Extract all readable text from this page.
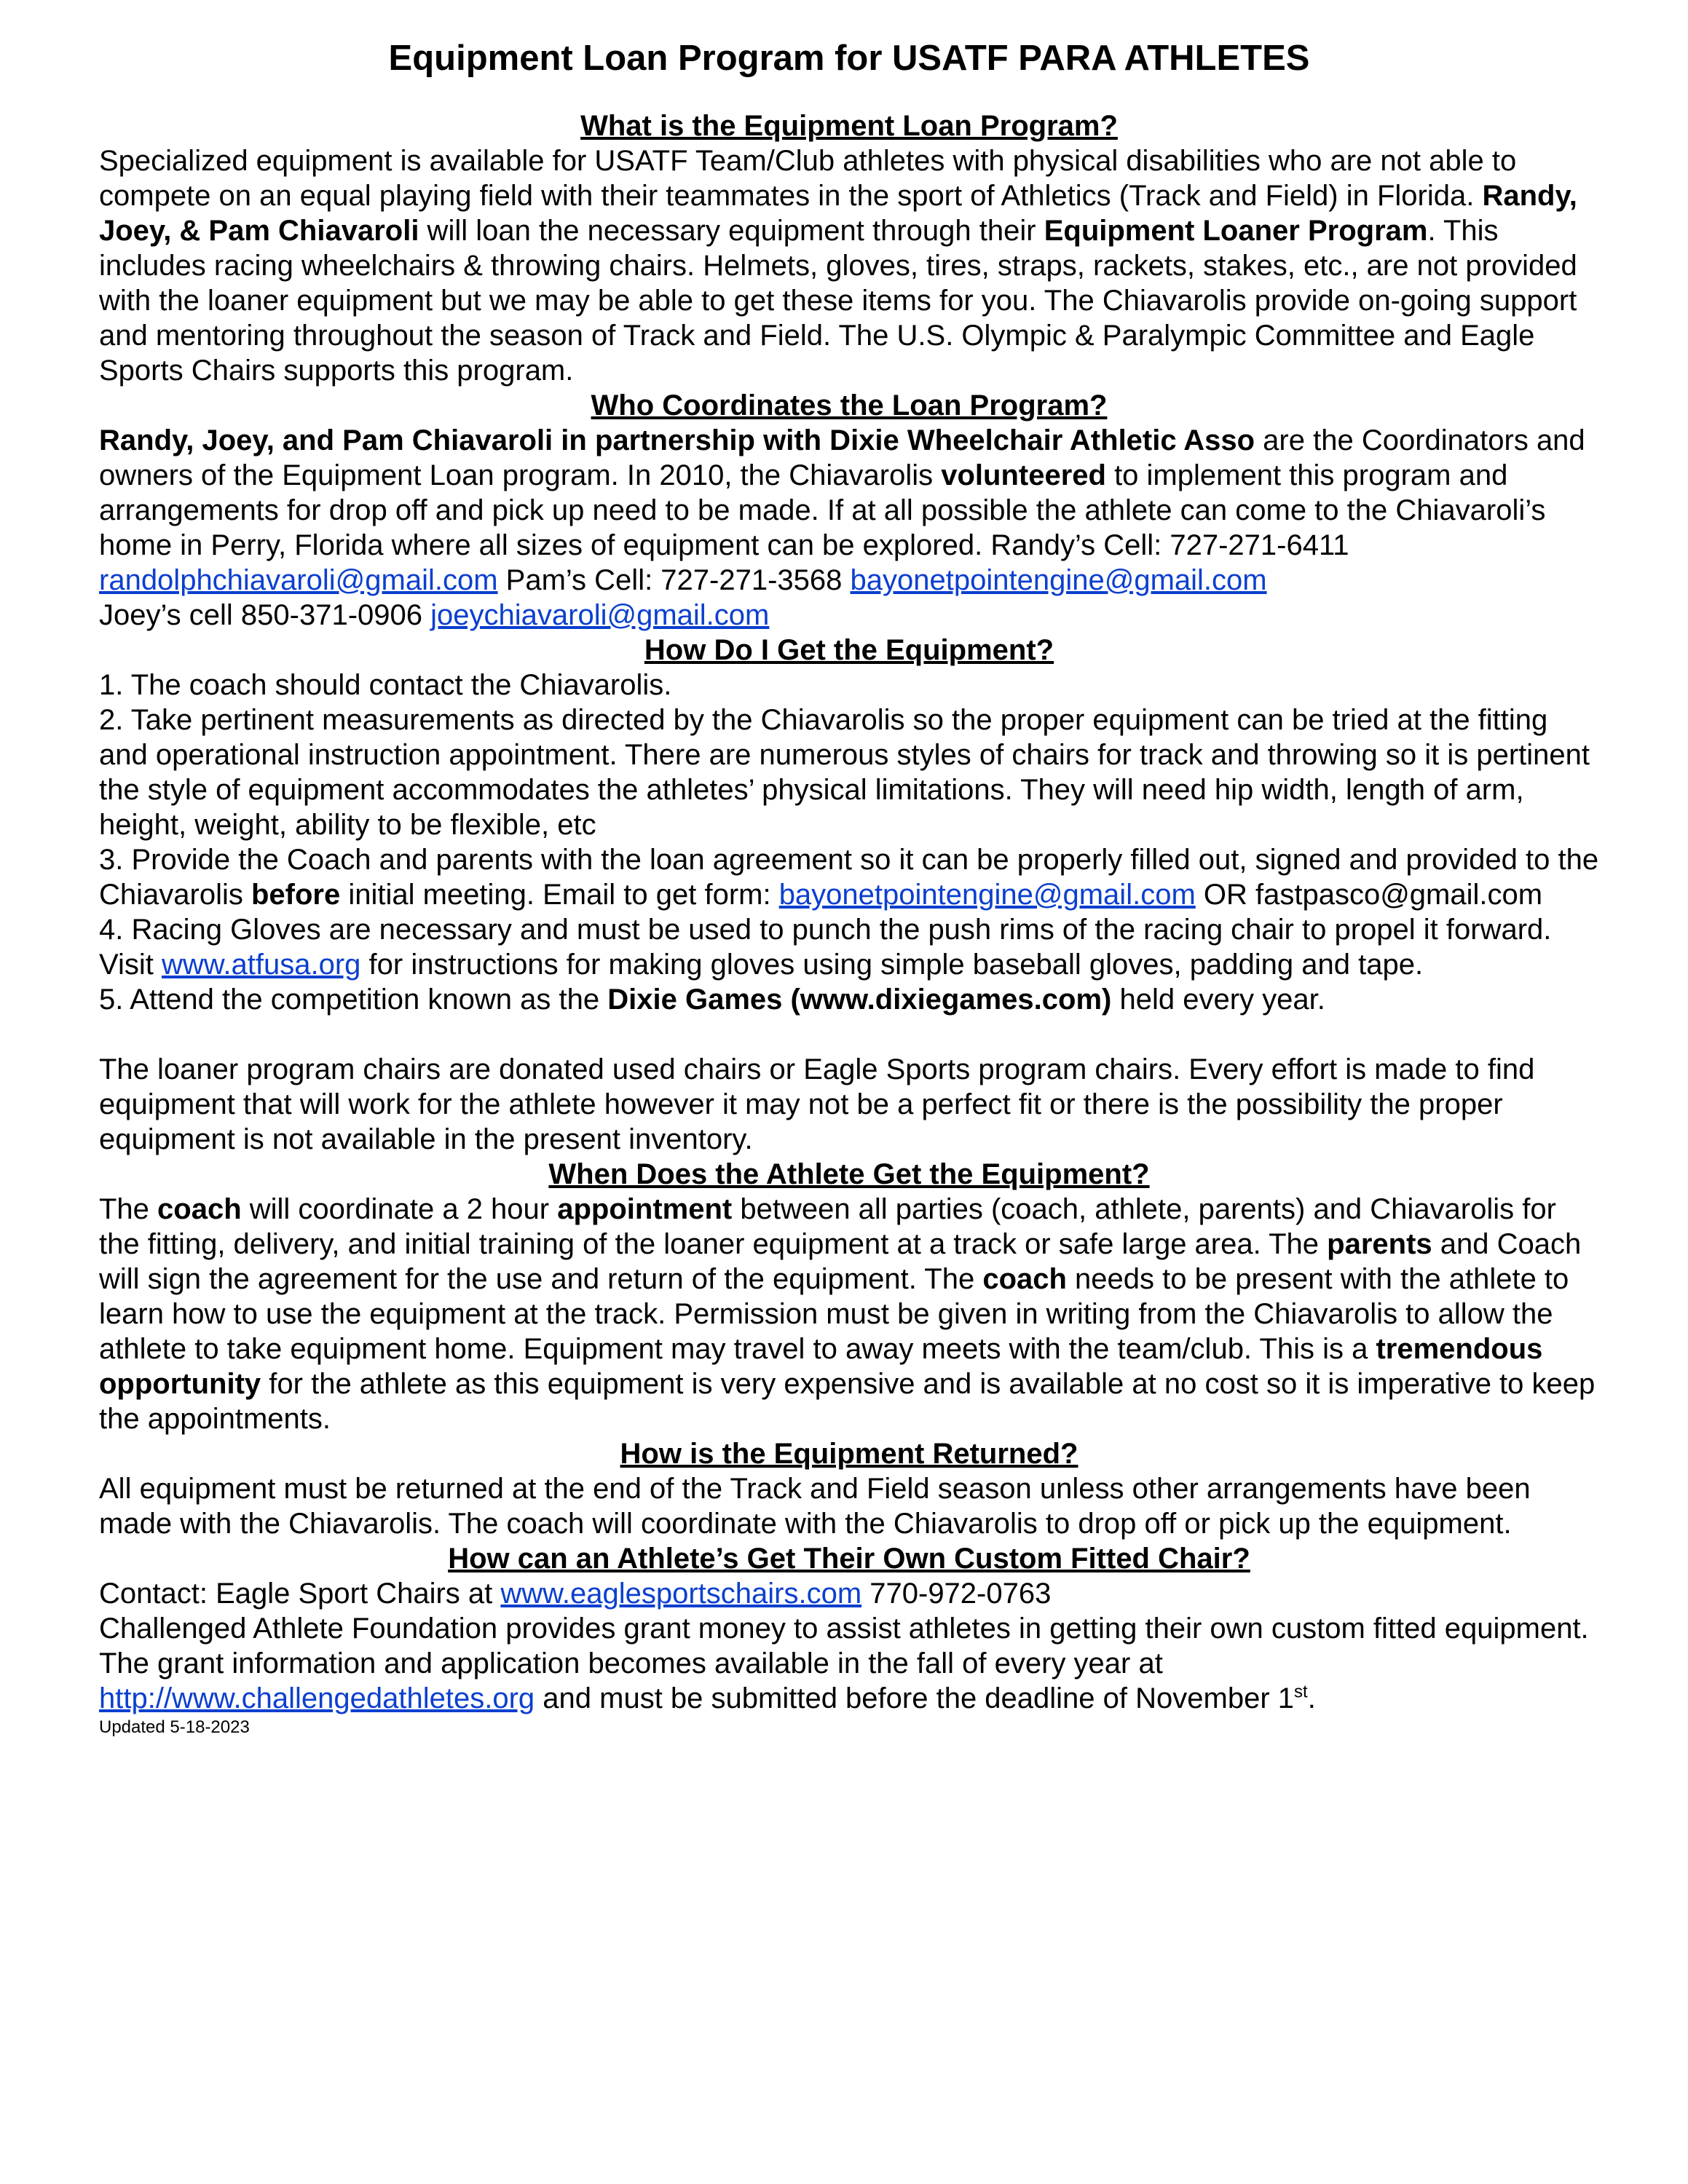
Equipment Loan Program for USATF PARA ATHLETES
What is the Equipment Loan Program?

Specialized equipment is available for USATF Team/Club athletes with physical disabilities who are not able to compete on an equal playing field with their teammates in the sport of Athletics (Track and Field) in Florida. Randy, Joey, & Pam Chiavaroli will loan the necessary equipment through their Equipment Loaner Program. This includes racing wheelchairs & throwing chairs. Helmets, gloves, tires, straps, rackets, stakes, etc., are not provided with the loaner equipment but we may be able to get these items for you. The Chiavarolis provide on-going support and mentoring throughout the season of Track and Field. The U.S. Olympic & Paralympic Committee and Eagle Sports Chairs supports this program.

Who Coordinates the Loan Program?

Randy, Joey, and Pam Chiavaroli in partnership with Dixie Wheelchair Athletic Asso are the Coordinators and owners of the Equipment Loan program. In 2010, the Chiavarolis volunteered to implement this program and arrangements for drop off and pick up need to be made. If at all possible the athlete can come to the Chiavaroli’s home in Perry, Florida where all sizes of equipment can be explored. Randy’s Cell: 727-271-6411 randolphchiavaroli@gmail.com Pam’s Cell: 727-271-3568 bayonetpointengine@gmail.com
Joey’s cell 850-371-0906 joeychiavaroli@gmail.com

How Do I Get the Equipment?

1. The coach should contact the Chiavarolis.

2. Take pertinent measurements as directed by the Chiavarolis so the proper equipment can be tried at the fitting and operational instruction appointment. There are numerous styles of chairs for track and throwing so it is pertinent the style of equipment accommodates the athletes’ physical limitations. They will need hip width, length of arm, height, weight, ability to be flexible, etc

3. Provide the Coach and parents with the loan agreement so it can be properly filled out, signed and provided to the Chiavarolis before initial meeting. Email to get form: bayonetpointengine@gmail.com OR fastpasco@gmail.com

4. Racing Gloves are necessary and must be used to punch the push rims of the racing chair to propel it forward. Visit www.atfusa.org for instructions for making gloves using simple baseball gloves, padding and tape.

5. Attend the competition known as the Dixie Games (www.dixiegames.com) held every year.

The loaner program chairs are donated used chairs or Eagle Sports program chairs. Every effort is made to find equipment that will work for the athlete however it may not be a perfect fit or there is the possibility the proper equipment is not available in the present inventory.

When Does the Athlete Get the Equipment?

The coach will coordinate a 2 hour appointment between all parties (coach, athlete, parents) and Chiavarolis for the fitting, delivery, and initial training of the loaner equipment at a track or safe large area. The parents and Coach will sign the agreement for the use and return of the equipment. The coach needs to be present with the athlete to learn how to use the equipment at the track. Permission must be given in writing from the Chiavarolis to allow the athlete to take equipment home. Equipment may travel to away meets with the team/club. This is a tremendous opportunity for the athlete as this equipment is very expensive and is available at no cost so it is imperative to keep the appointments.

How is the Equipment Returned?

All equipment must be returned at the end of the Track and Field season unless other arrangements have been made with the Chiavarolis. The coach will coordinate with the Chiavarolis to drop off or pick up the equipment.

How can an Athlete’s Get Their Own Custom Fitted Chair?

Contact: Eagle Sport Chairs at www.eaglesportschairs.com 770-972-0763

Challenged Athlete Foundation provides grant money to assist athletes in getting their own custom fitted equipment. The grant information and application becomes available in the fall of every year at http://www.challengedathletes.org and must be submitted before the deadline of November 1st.

Updated 5-18-2023
